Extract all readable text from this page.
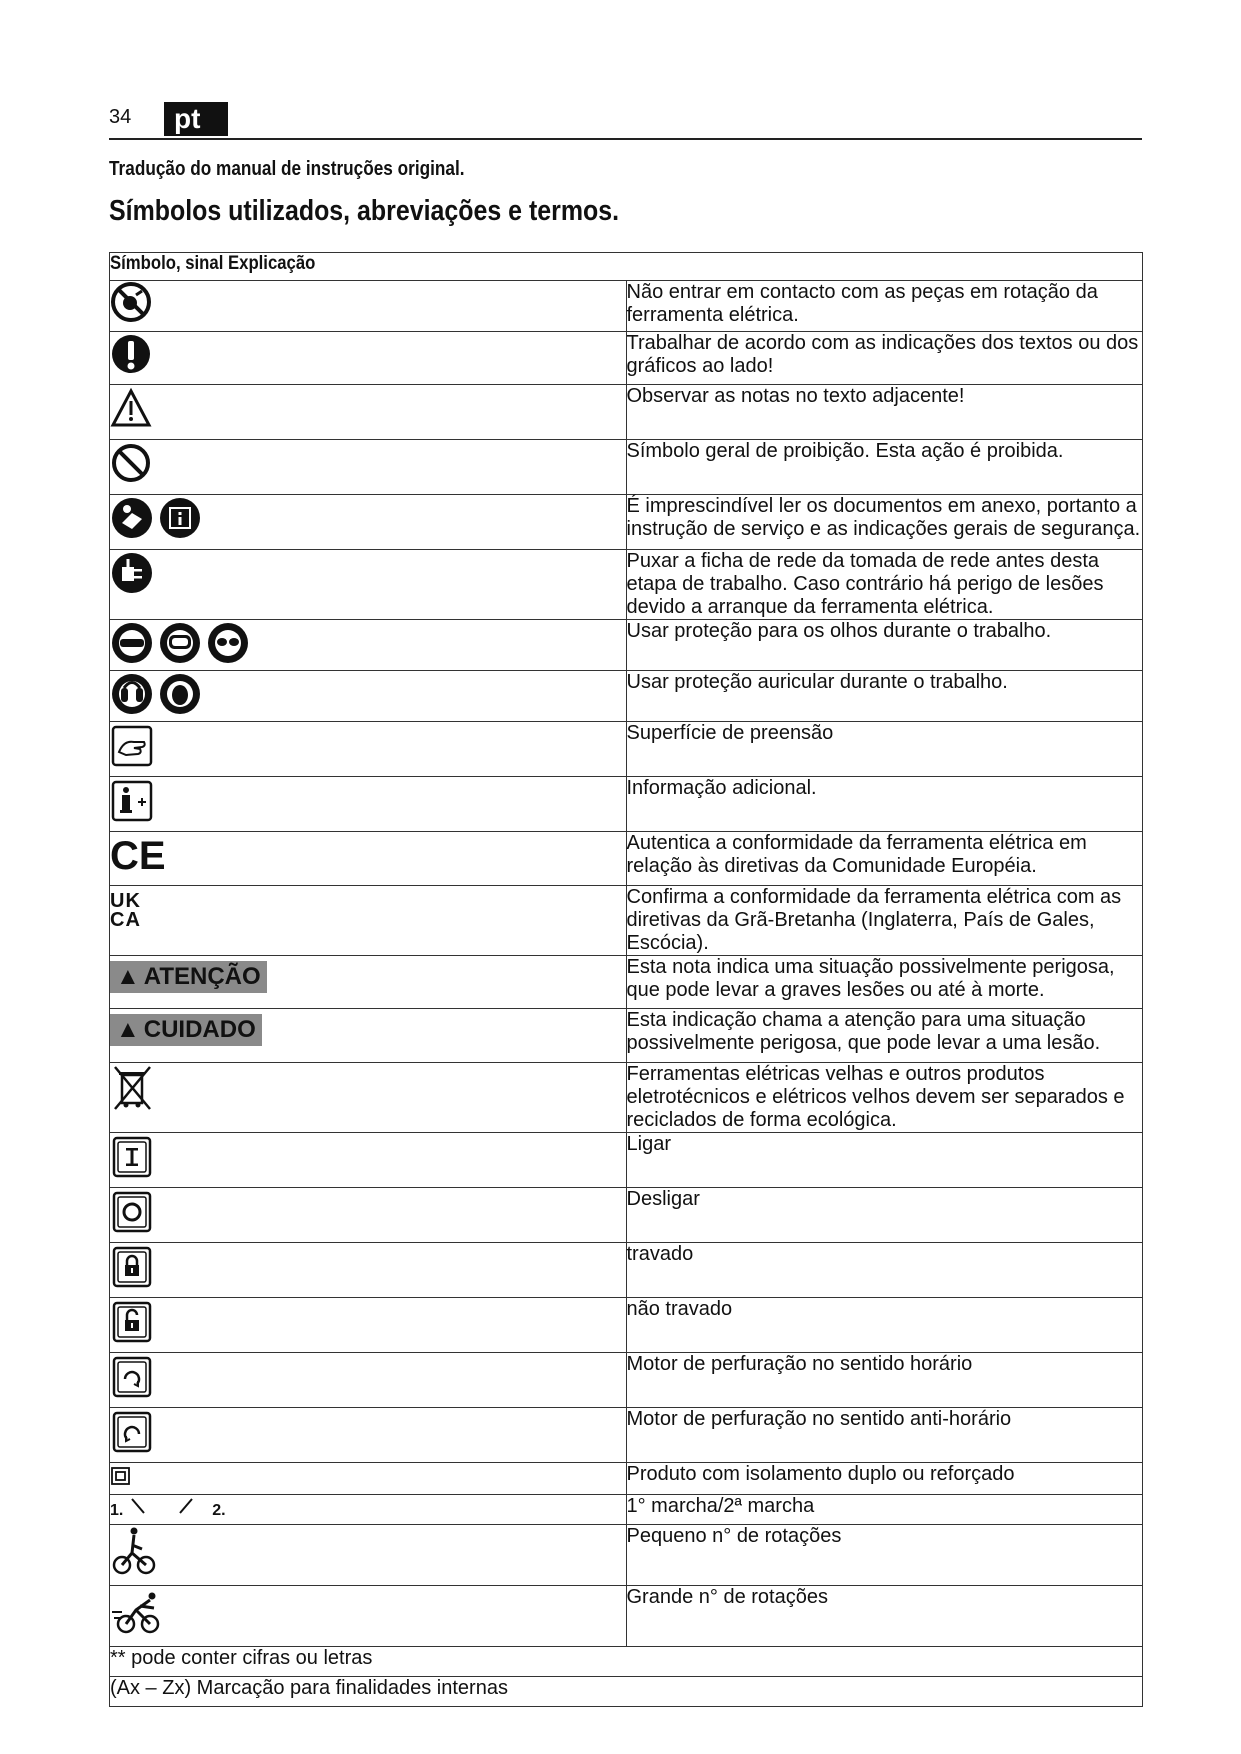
34	pt
Tradução do manual de instruções original.
Símbolos utilizados, abreviações e termos.
Símbolo, sinal Explicação	

	Não entrar em contacto com as peças em rotação da ferramenta elétrica.

	Trabalhar de acordo com as indicações dos textos ou dos gráficos ao lado!

	Observar as notas no texto adjacente!

	Símbolo geral de proibição. Esta ação é proibida.

	É imprescindível ler os documentos em anexo, portanto a instrução de serviço e as indicações gerais de segurança.

	Puxar a ficha de rede da tomada de rede antes desta etapa de trabalho. Caso contrário há perigo de lesões devido a arranque da ferramenta elétrica.

	Usar proteção para os olhos durante o trabalho.

	Usar proteção auricular durante o trabalho.

	Superfície de preensão

	Informação adicional.

CE	Autentica a conformidade da ferramenta elétrica em relação às diretivas da Comunidade Européia.

UK
CA	Confirma a conformidade da ferramenta elétrica com as diretivas da Grã-Bretanha (Inglaterra, País de Gales, Escócia).

▲ ATENÇÃO	Esta nota indica uma situação possivelmente perigosa, que pode levar a graves lesões ou até à morte.

▲ CUIDADO	Esta indicação chama a atenção para uma situação possivelmente perigosa, que pode levar a uma lesão.

	Ferramentas elétricas velhas e outros produtos eletrotécnicos e elétricos velhos devem ser separados e reciclados de forma ecológica.

	Ligar

	Desligar

	travado

	não travado

	Motor de perfuração no sentido horário

	Motor de perfuração no sentido anti-horário

	Produto com isolamento duplo ou reforçado

1. 2.	1° marcha/2ª marcha

	Pequeno n° de rotações

	Grande n° de rotações
** pode conter cifras ou letras	
(Ax – Zx) Marcação para finalidades internas	
